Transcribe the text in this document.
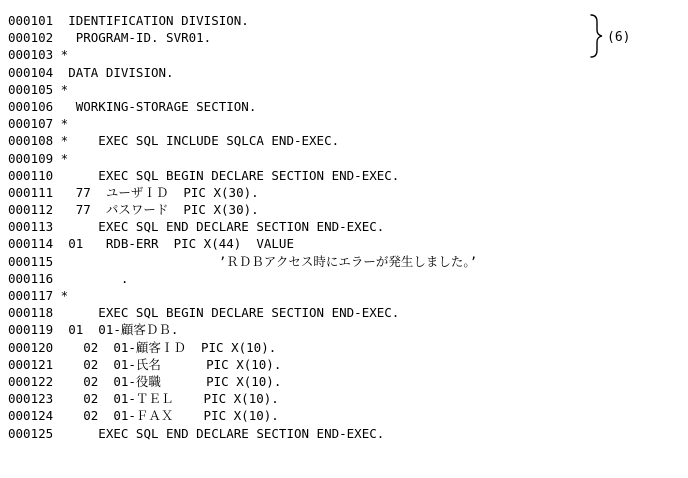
000101  IDENTIFICATION DIVISION.
000102   PROGRAM-ID. SVR01.
000103 *
000104  DATA DIVISION.
000105 *
000106   WORKING-STORAGE SECTION.
000107 *
000108 *    EXEC SQL INCLUDE SQLCA END-EXEC.
000109 *
000110      EXEC SQL BEGIN DECLARE SECTION END-EXEC.
000111   77  ユーザＩＤ  PIC X(30).
000112   77  パスワード  PIC X(30).
000113      EXEC SQL END DECLARE SECTION END-EXEC.
000114  01   RDB-ERR  PIC X(44)  VALUE
000115                      ’ＲＤＢアクセス時にエラーが発生しました。’
000116         .
000117 *
000118      EXEC SQL BEGIN DECLARE SECTION END-EXEC.
000119  01  01-顧客ＤＢ.
000120    02  01-顧客ＩＤ  PIC X(10).
000121    02  01-氏名      PIC X(10).
000122    02  01-役職      PIC X(10).
000123    02  01-ＴＥＬ    PIC X(10).
000124    02  01-ＦＡＸ    PIC X(10).
000125      EXEC SQL END DECLARE SECTION END-EXEC.
(6)
